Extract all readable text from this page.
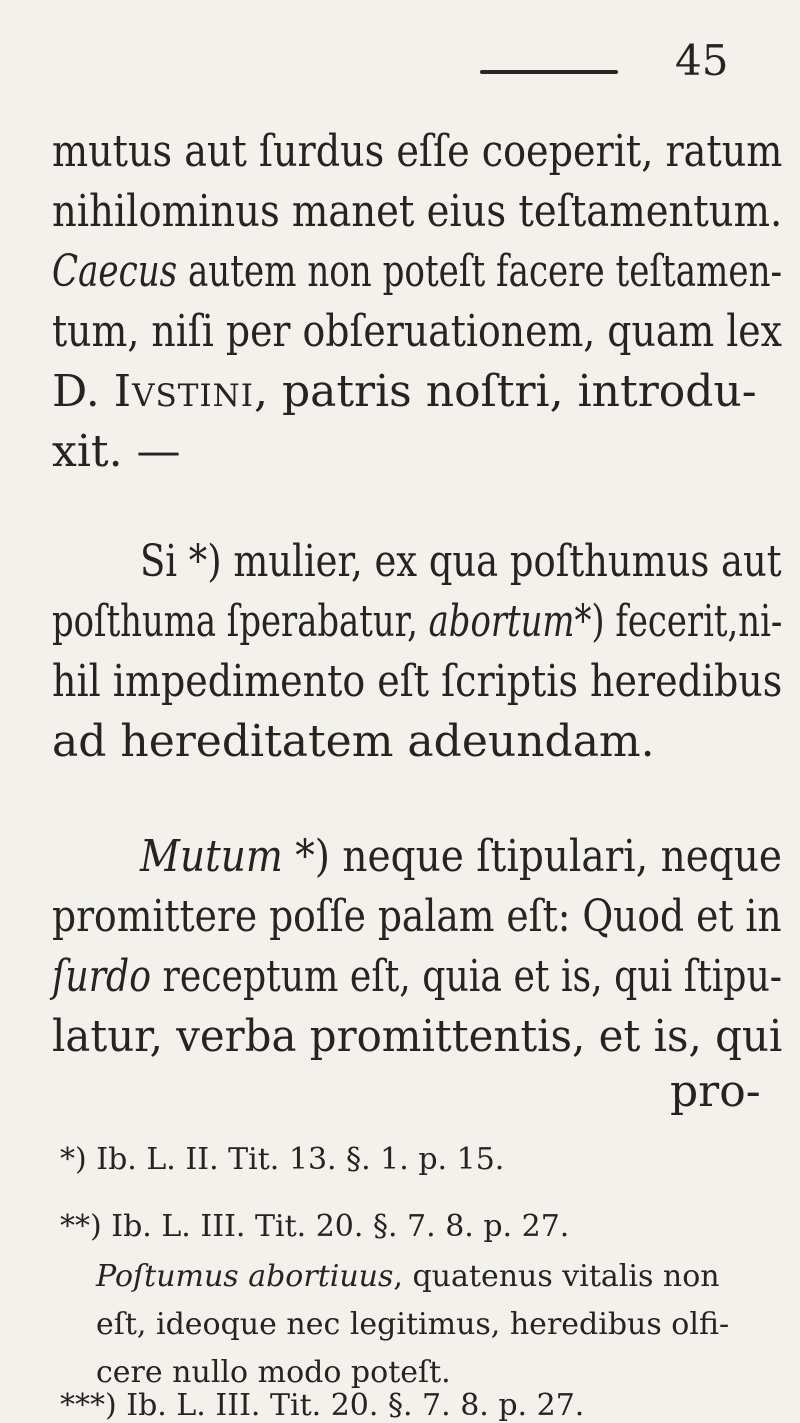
45
mutus aut ſurdus eſſe coeperit, ratum
nihilominus manet eius teſtamentum.
Caecus autem non poteſt facere teſtamen-
tum, niſi per obſeruationem, quam lex
D. Ivstini, patris noſtri, introdu-
xit. —
Si *) mulier, ex qua poſthumus aut
poſthuma ſperabatur, abortum*) fecerit,ni-
hil impedimento eſt ſcriptis heredibus
ad hereditatem adeundam.
Mutum *) neque ſtipulari, neque
promittere poſſe palam eſt: Quod et in
ſurdo receptum eſt, quia et is, qui ſtipu-
latur, verba promittentis, et is, qui
pro-
*) Ib. L. II. Tit. 13. §. 1. p. 15.
**) Ib. L. III. Tit. 20. §. 7. 8. p. 27.
Poſtumus abortiuus, quatenus vitalis non
eſt, ideoque nec legitimus, heredibus olfi-
cere nullo modo poteſt.
***) Ib. L. III. Tit. 20. §. 7. 8. p. 27.
